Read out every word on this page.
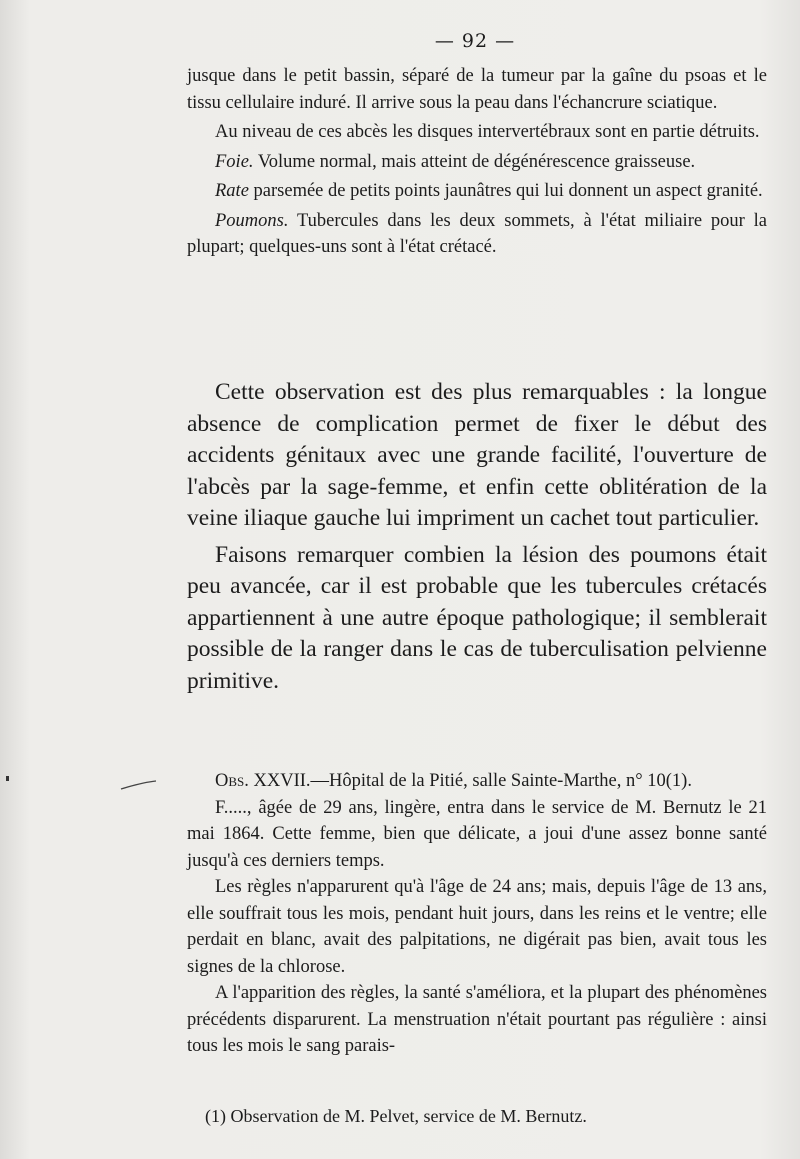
— 92 —

jusque dans le petit bassin, séparé de la tumeur par la gaîne du psoas et le tissu cellulaire induré. Il arrive sous la peau dans l'échancrure sciatique.

Au niveau de ces abcès les disques intervertébraux sont en partie détruits.

Foie. Volume normal, mais atteint de dégénérescence graisseuse.

Rate parsemée de petits points jaunâtres qui lui donnent un aspect granité.

Poumons. Tubercules dans les deux sommets, à l'état miliaire pour la plupart; quelques-uns sont à l'état crétacé.

Cette observation est des plus remarquables : la longue absence de complication permet de fixer le début des accidents génitaux avec une grande facilité, l'ouverture de l'abcès par la sage-femme, et enfin cette oblitération de la veine iliaque gauche lui impriment un cachet tout particulier.

Faisons remarquer combien la lésion des poumons était peu avancée, car il est probable que les tubercules crétacés appartiennent à une autre époque pathologique; il semblerait possible de la ranger dans le cas de tuberculisation pelvienne primitive.

Obs. XXVII.—Hôpital de la Pitié, salle Sainte-Marthe, n° 10(1).

F....., âgée de 29 ans, lingère, entra dans le service de M. Bernutz le 21 mai 1864. Cette femme, bien que délicate, a joui d'une assez bonne santé jusqu'à ces derniers temps.

Les règles n'apparurent qu'à l'âge de 24 ans; mais, depuis l'âge de 13 ans, elle souffrait tous les mois, pendant huit jours, dans les reins et le ventre; elle perdait en blanc, avait des palpitations, ne digérait pas bien, avait tous les signes de la chlorose.

A l'apparition des règles, la santé s'améliora, et la plupart des phénomènes précédents disparurent. La menstruation n'était pourtant pas régulière : ainsi tous les mois le sang parais-

(1) Observation de M. Pelvet, service de M. Bernutz.
